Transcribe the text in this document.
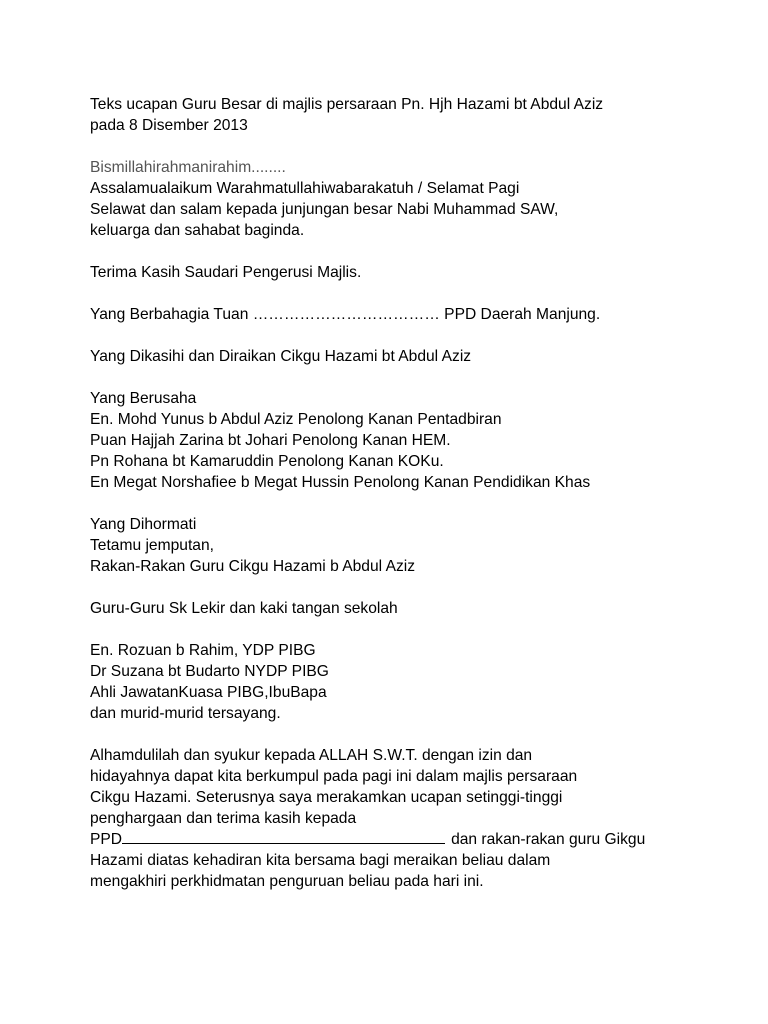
Teks ucapan Guru Besar di majlis persaraan Pn. Hjh Hazami bt Abdul Aziz
pada 8 Disember 2013
Bismillahirahmanirahim........
Assalamualaikum Warahmatullahiwabarakatuh / Selamat Pagi
Selawat dan salam kepada junjungan besar Nabi Muhammad SAW,
keluarga dan sahabat baginda.
Terima Kasih Saudari Pengerusi Majlis.
Yang Berbahagia Tuan ……………………………… PPD Daerah Manjung.
Yang Dikasihi dan Diraikan Cikgu Hazami bt Abdul Aziz
Yang Berusaha
En. Mohd Yunus b Abdul Aziz Penolong Kanan Pentadbiran
Puan Hajjah Zarina bt Johari Penolong Kanan HEM.
Pn Rohana bt Kamaruddin Penolong Kanan KOKu.
En Megat Norshafiee b Megat Hussin Penolong Kanan Pendidikan Khas
Yang Dihormati
Tetamu jemputan,
Rakan-Rakan Guru Cikgu Hazami b Abdul Aziz
Guru-Guru Sk Lekir dan kaki tangan sekolah
En. Rozuan b Rahim, YDP PIBG
Dr Suzana bt Budarto NYDP PIBG
Ahli JawatanKuasa PIBG,IbuBapa
dan murid-murid tersayang.
Alhamdulilah dan syukur kepada ALLAH S.W.T. dengan izin dan
hidayahnya dapat kita berkumpul pada pagi ini dalam majlis persaraan
Cikgu Hazami. Seterusnya saya merakamkan ucapan setinggi-tinggi
penghargaan dan terima kasih kepada
PPD	dan rakan-rakan guru Gikgu
Hazami diatas kehadiran kita bersama bagi meraikan beliau dalam
mengakhiri perkhidmatan penguruan beliau pada hari ini.
